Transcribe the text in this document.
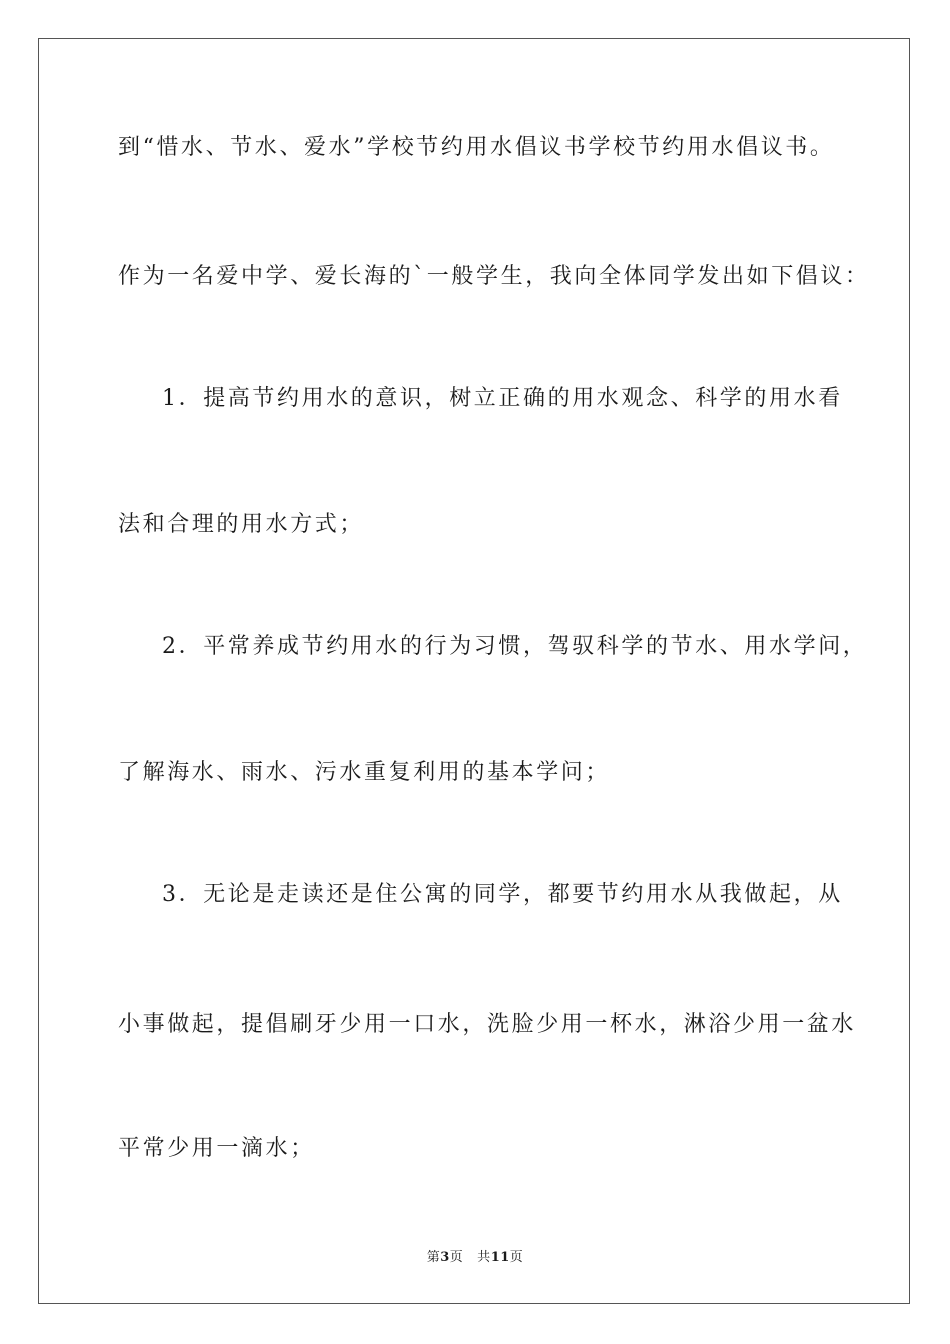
到“惜水、节水、爱水”学校节约用水倡议书学校节约用水倡议书。
作为一名爱中学、爱长海的`一般学生，我向全体同学发出如下倡议：
1．提高节约用水的意识，树立正确的用水观念、科学的用水看
法和合理的用水方式；
2．平常养成节约用水的行为习惯，驾驭科学的节水、用水学问，
了解海水、雨水、污水重复利用的基本学问；
3．无论是走读还是住公寓的同学，都要节约用水从我做起，从
小事做起，提倡刷牙少用一口水，洗脸少用一杯水，淋浴少用一盆水
平常少用一滴水；
第3页 共11页
